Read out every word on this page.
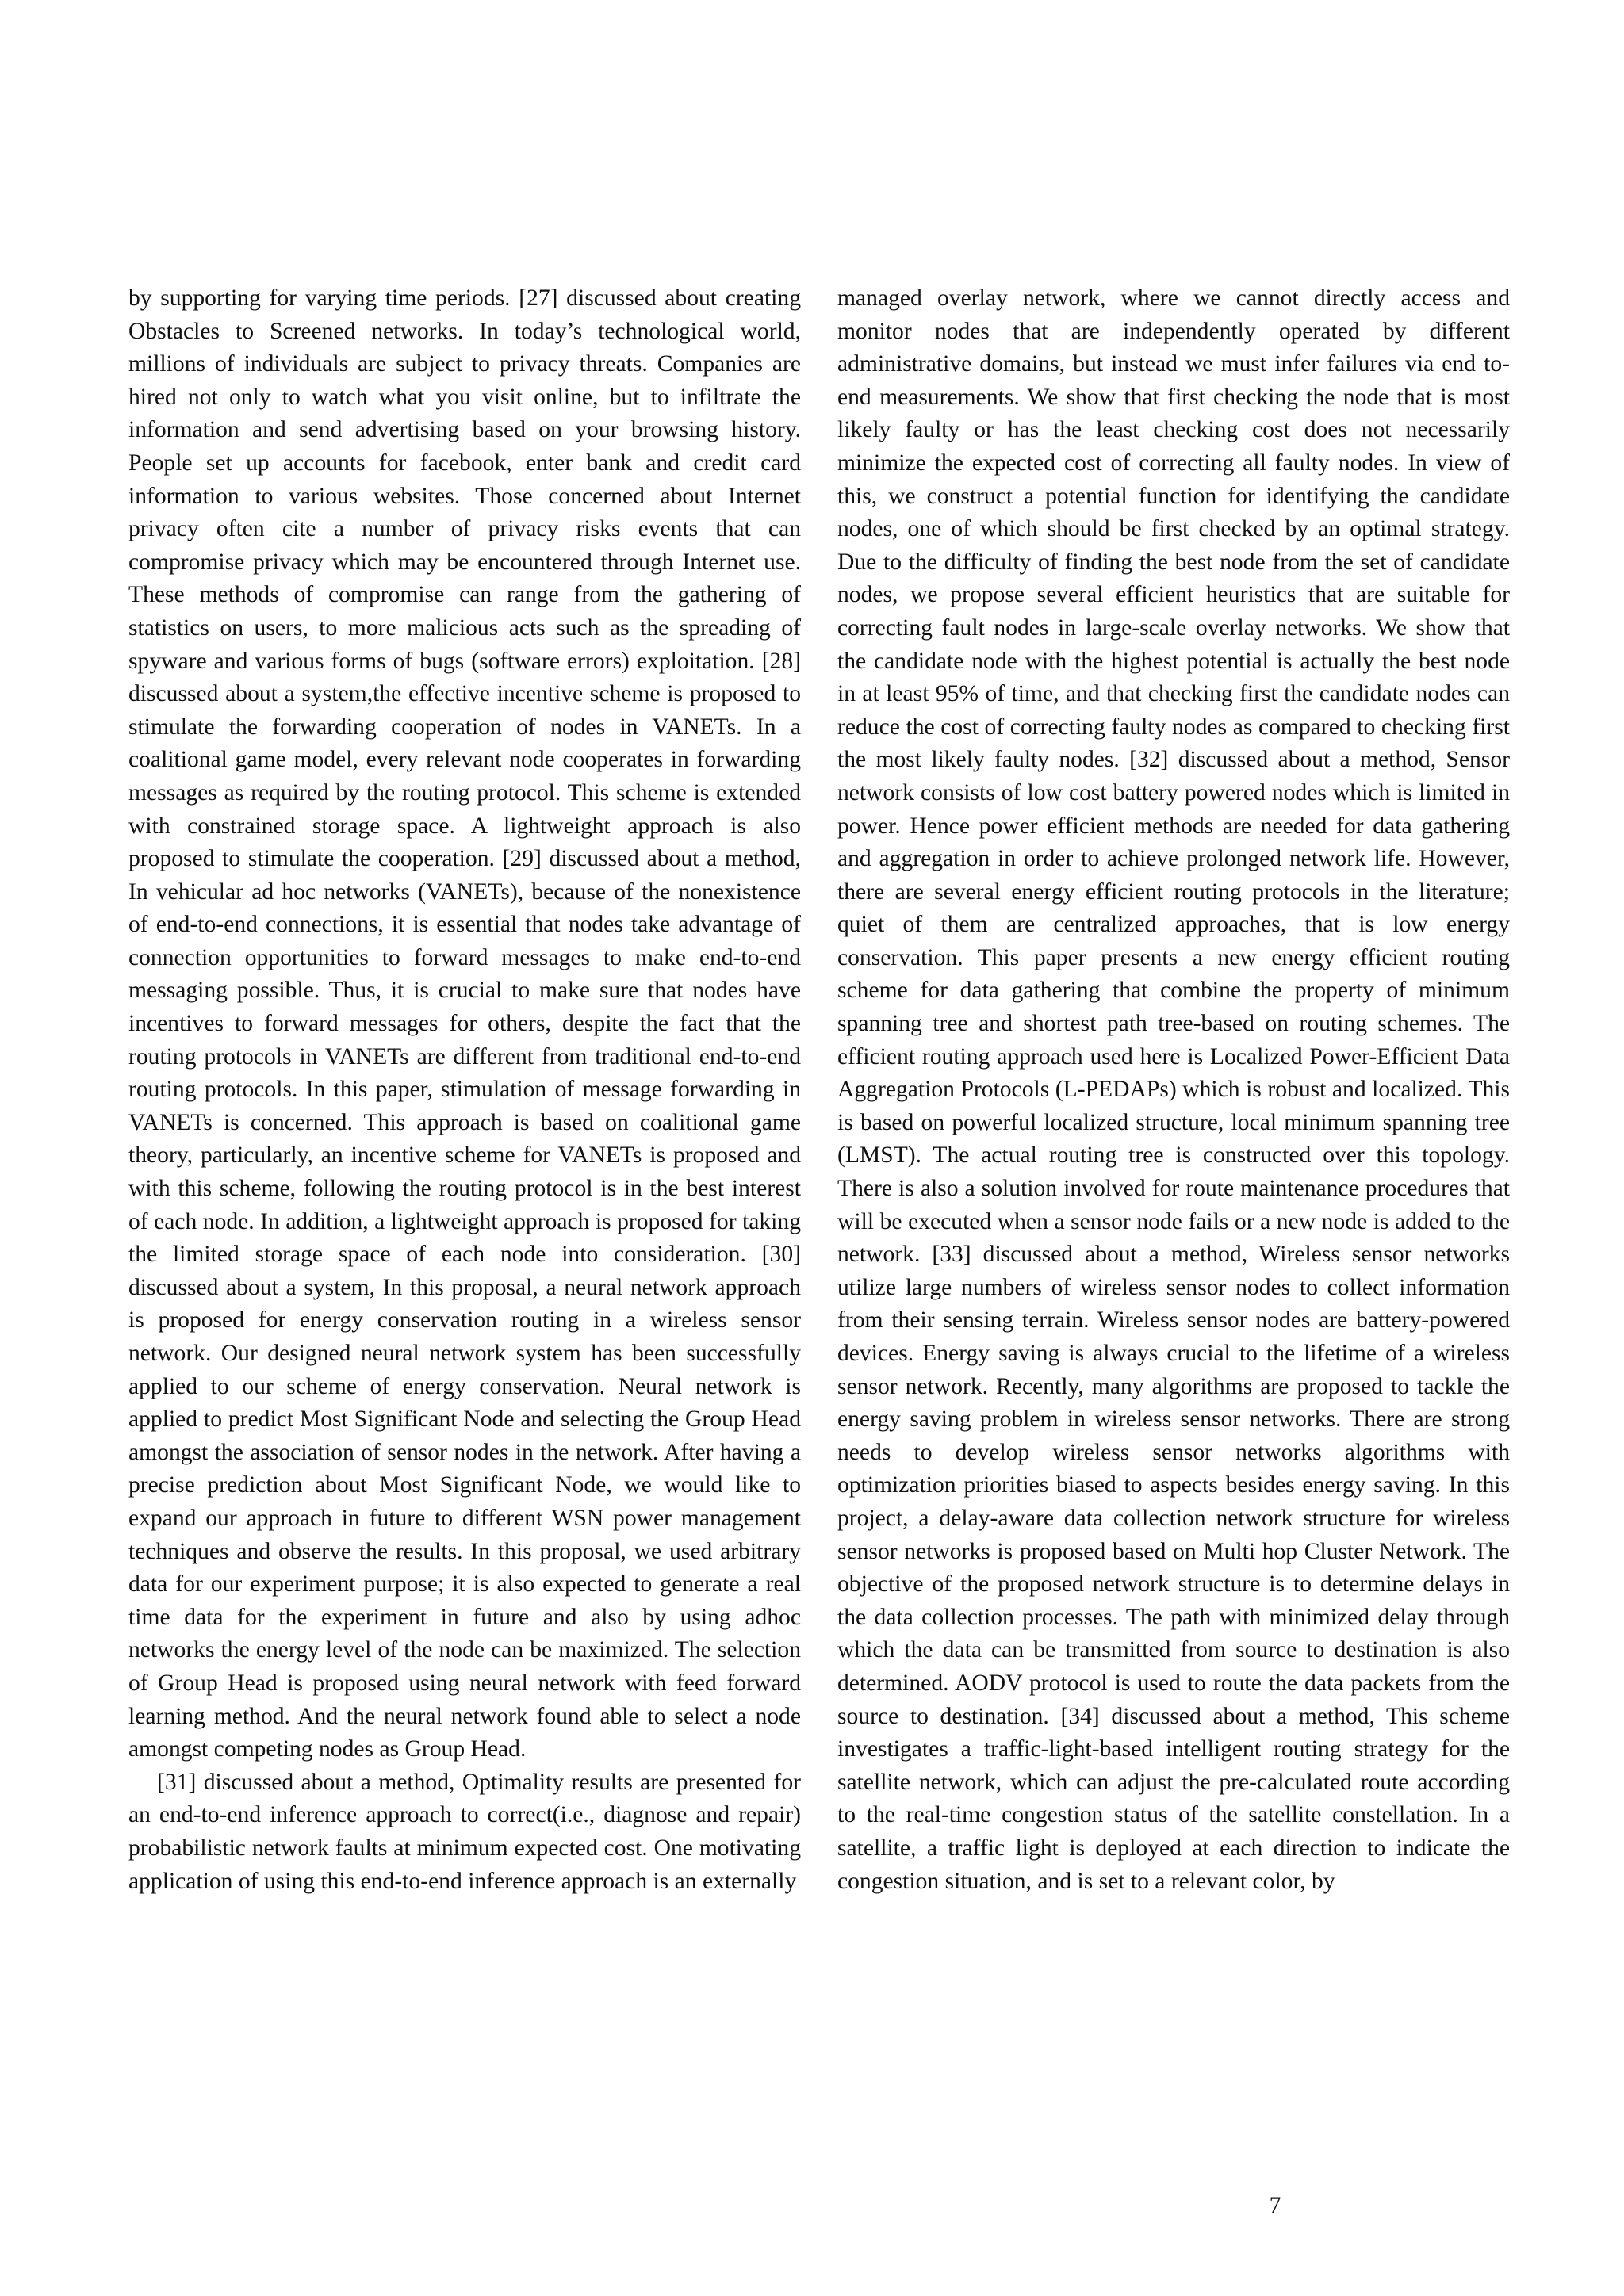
by supporting for varying time periods. [27] discussed about creating Obstacles to Screened networks. In today’s technological world, millions of individuals are subject to privacy threats. Companies are hired not only to watch what you visit online, but to infiltrate the information and send advertising based on your browsing history. People set up accounts for facebook, enter bank and credit card information to various websites. Those concerned about Internet privacy often cite a number of privacy risks events that can compromise privacy which may be encountered through Internet use. These methods of compromise can range from the gathering of statistics on users, to more malicious acts such as the spreading of spyware and various forms of bugs (software errors) exploitation. [28] discussed about a system,the effective incentive scheme is proposed to stimulate the forwarding cooperation of nodes in VANETs. In a coalitional game model, every relevant node cooperates in forwarding messages as required by the routing protocol. This scheme is extended with constrained storage space. A lightweight approach is also proposed to stimulate the cooperation. [29] discussed about a method, In vehicular ad hoc networks (VANETs), because of the nonexistence of end-to-end connections, it is essential that nodes take advantage of connection opportunities to forward messages to make end-to-end messaging possible. Thus, it is crucial to make sure that nodes have incentives to forward messages for others, despite the fact that the routing protocols in VANETs are different from traditional end-to-end routing protocols. In this paper, stimulation of message forwarding in VANETs is concerned. This approach is based on coalitional game theory, particularly, an incentive scheme for VANETs is proposed and with this scheme, following the routing protocol is in the best interest of each node. In addition, a lightweight approach is proposed for taking the limited storage space of each node into consideration. [30] discussed about a system, In this proposal, a neural network approach is proposed for energy conservation routing in a wireless sensor network. Our designed neural network system has been successfully applied to our scheme of energy conservation. Neural network is applied to predict Most Significant Node and selecting the Group Head amongst the association of sensor nodes in the network. After having a precise prediction about Most Significant Node, we would like to expand our approach in future to different WSN power management techniques and observe the results. In this proposal, we used arbitrary data for our experiment purpose; it is also expected to generate a real time data for the experiment in future and also by using adhoc networks the energy level of the node can be maximized. The selection of Group Head is proposed using neural network with feed forward learning method. And the neural network found able to select a node amongst competing nodes as Group Head.

[31] discussed about a method, Optimality results are presented for an end-to-end inference approach to correct(i.e., diagnose and repair) probabilistic network faults at minimum expected cost. One motivating application of using this end-to-end inference approach is an externally

managed overlay network, where we cannot directly access and monitor nodes that are independently operated by different administrative domains, but instead we must infer failures via end to-end measurements. We show that first checking the node that is most likely faulty or has the least checking cost does not necessarily minimize the expected cost of correcting all faulty nodes. In view of this, we construct a potential function for identifying the candidate nodes, one of which should be first checked by an optimal strategy. Due to the difficulty of finding the best node from the set of candidate nodes, we propose several efficient heuristics that are suitable for correcting fault nodes in large-scale overlay networks. We show that the candidate node with the highest potential is actually the best node in at least 95% of time, and that checking first the candidate nodes can reduce the cost of correcting faulty nodes as compared to checking first the most likely faulty nodes. [32] discussed about a method, Sensor network consists of low cost battery powered nodes which is limited in power. Hence power efficient methods are needed for data gathering and aggregation in order to achieve prolonged network life. However, there are several energy efficient routing protocols in the literature; quiet of them are centralized approaches, that is low energy conservation. This paper presents a new energy efficient routing scheme for data gathering that combine the property of minimum spanning tree and shortest path tree-based on routing schemes. The efficient routing approach used here is Localized Power-Efficient Data Aggregation Protocols (L-PEDAPs) which is robust and localized. This is based on powerful localized structure, local minimum spanning tree (LMST). The actual routing tree is constructed over this topology. There is also a solution involved for route maintenance procedures that will be executed when a sensor node fails or a new node is added to the network. [33] discussed about a method, Wireless sensor networks utilize large numbers of wireless sensor nodes to collect information from their sensing terrain. Wireless sensor nodes are battery-powered devices. Energy saving is always crucial to the lifetime of a wireless sensor network. Recently, many algorithms are proposed to tackle the energy saving problem in wireless sensor networks. There are strong needs to develop wireless sensor networks algorithms with optimization priorities biased to aspects besides energy saving. In this project, a delay-aware data collection network structure for wireless sensor networks is proposed based on Multi hop Cluster Network. The objective of the proposed network structure is to determine delays in the data collection processes. The path with minimized delay through which the data can be transmitted from source to destination is also determined. AODV protocol is used to route the data packets from the source to destination. [34] discussed about a method, This scheme investigates a traffic-light-based intelligent routing strategy for the satellite network, which can adjust the pre-calculated route according to the real-time congestion status of the satellite constellation. In a satellite, a traffic light is deployed at each direction to indicate the congestion situation, and is set to a relevant color, by

7
